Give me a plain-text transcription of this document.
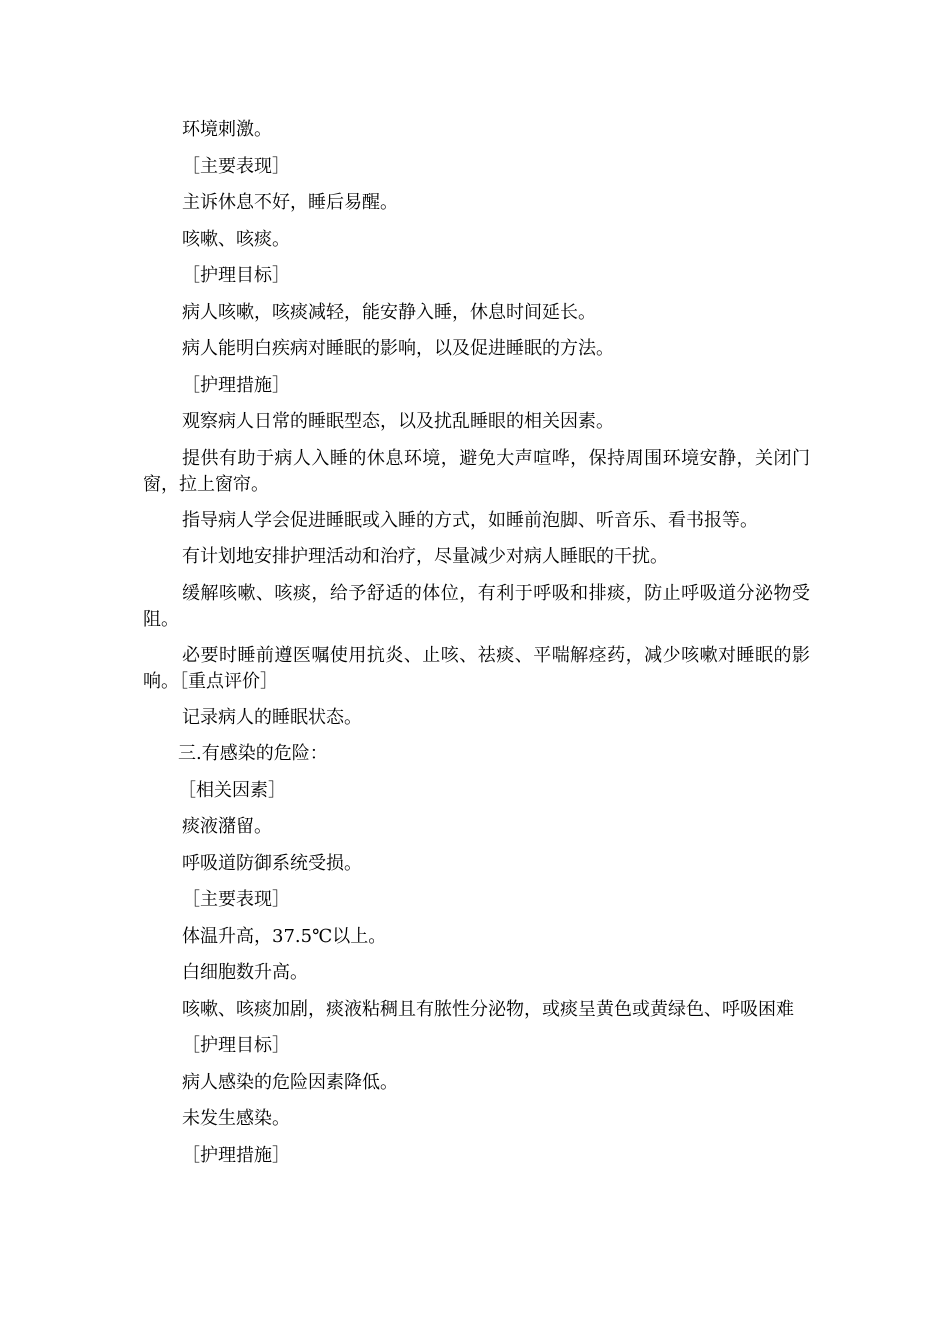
环境刺激。

［主要表现］

主诉休息不好，睡后易醒。

咳嗽、咳痰。

［护理目标］

病人咳嗽，咳痰减轻，能安静入睡，休息时间延长。

病人能明白疾病对睡眠的影响，以及促进睡眠的方法。

［护理措施］

观察病人日常的睡眠型态，以及扰乱睡眼的相关因素。

提供有助于病人入睡的休息环境，避免大声喧哗，保持周围环境安静，关闭门窗，拉上窗帘。

指导病人学会促进睡眠或入睡的方式，如睡前泡脚、听音乐、看书报等。

有计划地安排护理活动和治疗，尽量减少对病人睡眠的干扰。

缓解咳嗽、咳痰，给予舒适的体位，有利于呼吸和排痰，防止呼吸道分泌物受阻。

必要时睡前遵医嘱使用抗炎、止咳、祛痰、平喘解痉药，减少咳嗽对睡眠的影响。［重点评价］

记录病人的睡眠状态。

三.有感染的危险：

［相关因素］

痰液潴留。

呼吸道防御系统受损。

［主要表现］

体温升高，37.5℃以上。

白细胞数升高。

咳嗽、咳痰加剧，痰液粘稠且有脓性分泌物，或痰呈黄色或黄绿色、呼吸困难

［护理目标］

病人感染的危险因素降低。

未发生感染。

［护理措施］
